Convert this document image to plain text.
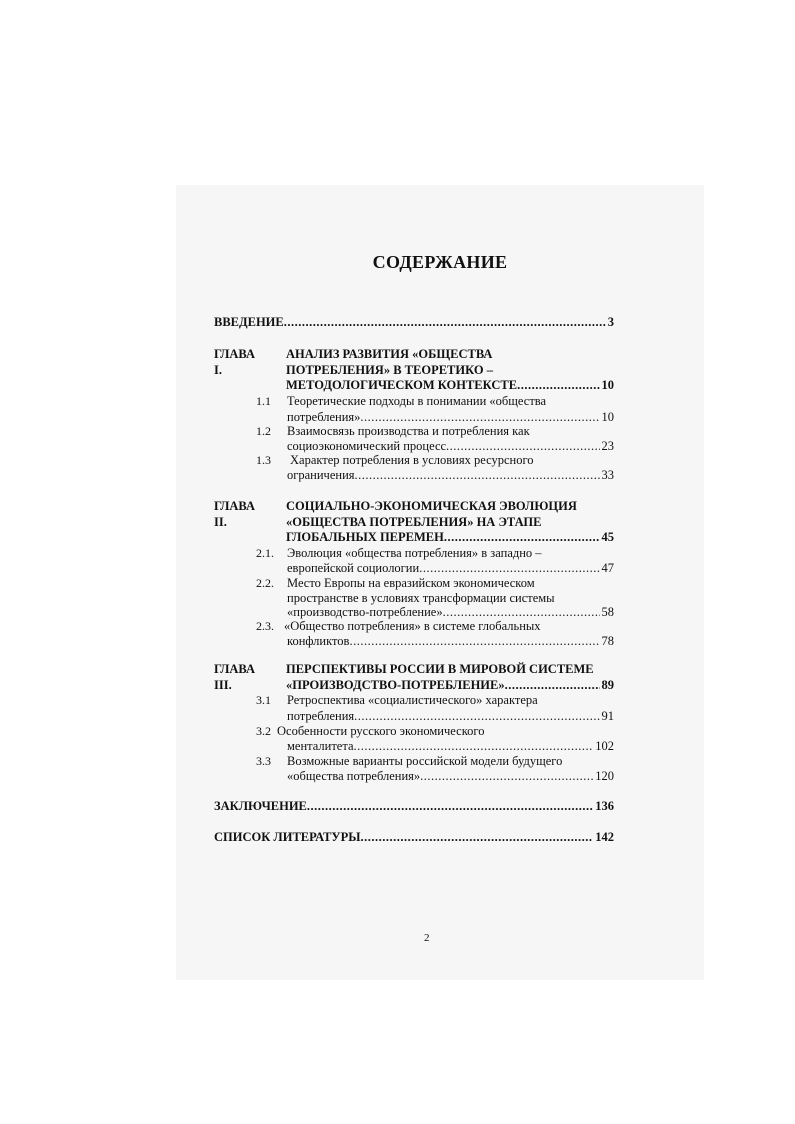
СОДЕРЖАНИЕ
ВВЕДЕНИЕ .....	3
ГЛАВА I.
АНАЛИЗ РАЗВИТИЯ «ОБЩЕСТВА
ПОТРЕБЛЕНИЯ» В ТЕОРЕТИКО –
МЕТОДОЛОГИЧЕСКОМ КОНТЕКСТЕ .....	10
1.1 Теоретические подходы в понимании «общества
потребления» .....	10
1.2 Взаимосвязь производства и потребления как
социоэкономический процесс .....	23
1.3 Характер потребления в условиях ресурсного
ограничения .....	33
ГЛАВА II.
СОЦИАЛЬНО-ЭКОНОМИЧЕСКАЯ ЭВОЛЮЦИЯ
«ОБЩЕСТВА ПОТРЕБЛЕНИЯ» НА ЭТАПЕ
ГЛОБАЛЬНЫХ ПЕРЕМЕН .....	45
2.1. Эволюция «общества потребления» в западно –
европейской социологии .....	47
2.2. Место Европы на евразийском экономическом
пространстве в условиях трансформации системы
«производство-потребление» .....	58
2.3. «Общество потребления» в системе глобальных
конфликтов .....	78
ГЛАВА III.
ПЕРСПЕКТИВЫ РОССИИ В МИРОВОЙ СИСТЕМЕ
«ПРОИЗВОДСТВО-ПОТРЕБЛЕНИЕ» .....	89
3.1 Ретроспектива «социалистического» характера
потребления .....	91
3.2 Особенности русского экономического
менталитета .....	102
3.3 Возможные варианты российской модели будущего
«общества потребления» .....	120
ЗАКЛЮЧЕНИЕ .....	136
СПИСОК ЛИТЕРАТУРЫ .....	142
2
